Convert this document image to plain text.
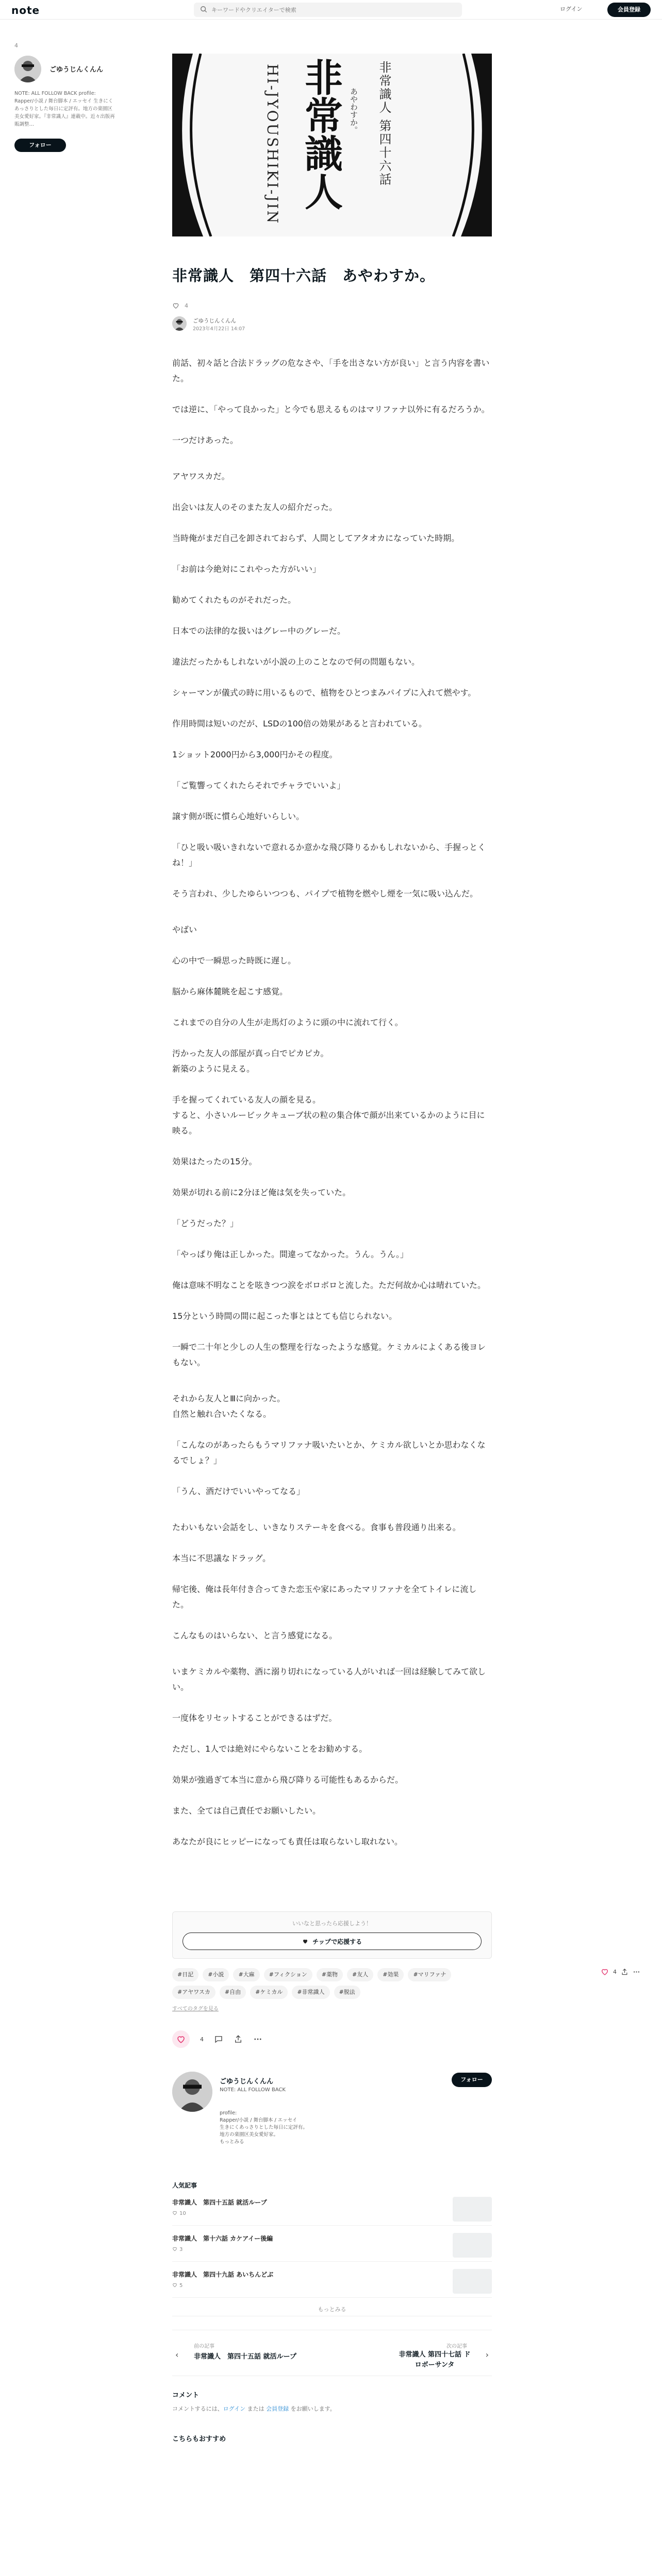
note
キーワードやクリエイターで検索	ログイン	会員登録
4
ごゆうじんくんん
NOTE: ALL FOLLOW BACK profile: Rapper/小説 / 舞台脚本 / エッセイ 生きにくあっさりとした毎日に定評有。地方の楽園区美女愛好家。『非常識人』連載中。近々出版再販調整…
フォロー	非常識人	非常識人 第四十六話
あやわすか。
HI-JYOUSHIKI-JIN
非常識人　第四十六話　あやわすか。
4
ごゆうじんくんん
2023年4月22日 14:07

前話、初々話と合法ドラッグの危なさや、「手を出さない方が良い」と言う内容を書いた。

では逆に、「やって良かった」と今でも思えるものはマリファナ以外に有るだろうか。

一つだけあった。

アヤワスカだ。

出会いは友人のそのまた友人の紹介だった。

当時俺がまだ自己を卸されておらず、人間としてアタオカになっていた時期。

「お前は今絶対にこれやった方がいい」

勧めてくれたものがそれだった。

日本での法律的な扱いはグレー中のグレーだ。

違法だったかもしれないが小説の上のことなので何の問題もない。

シャーマンが儀式の時に用いるもので、植物をひとつまみパイプに入れて燃やす。

作用時間は短いのだが、LSDの100倍の効果があると言われている。

1ショット2000円から3,000円かその程度。

「ご覧響ってくれたらそれでチャラでいいよ」

譲す側が既に慣ら心地好いらしい。

「ひと吸い吸いきれないで意れるか意かな飛び降りるかもしれないから、手握っとくね！」

そう言われ、少したゆらいつつも、パイプで植物を燃やし煙を一気に吸い込んだ。

やばい

心の中で一瞬思った時既に遅し。

脳から麻体麓眺を起こす感覚。

これまでの自分の人生が走馬灯のように頭の中に流れて行く。

汚かった友人の部屋が真っ白でピカピカ。
新築のように見える。

手を握ってくれている友人の顔を見る。
すると、小さいルービックキューブ状の粒の集合体で顔が出来ているかのように目に映る。

効果はたったの15分。

効果が切れる前に2分ほど俺は気を失っていた。

「どうだった？」

「やっぱり俺は正しかった。間違ってなかった。うん。うん。」

俺は意味不明なことを呟きつつ涙をボロボロと流した。ただ何故か心は晴れていた。

15分という時間の間に起こった事とはとても信じられない。

一瞬で二十年と少しの人生の整理を行なったような感覚。ケミカルによくある後ヨレもない。

それから友人とⅢに向かった。
自然と触れ合いたくなる。

「こんなのがあったらもうマリファナ吸いたいとか、ケミカル欲しいとか思わなくなるでしょ？」

「うん、酒だけでいいやってなる」

たわいもない会話をし、いきなりステーキを食べる。食事も普段通り出来る。

本当に不思議なドラッグ。

帰宅後、俺は長年付き合ってきた恋玉や家にあったマリファナを全てトイレに流した。

こんなものはいらない、と言う感覚になる。

いまケミカルや薬物、酒に溺り切れになっている人がいれば一回は経験してみて欲しい。

一度体をリセットすることができるはずだ。

ただし、1人では絶対にやらないことをお勧めする。

効果が強過ぎて本当に意から飛び降りる可能性もあるからだ。

また、全ては自己責任でお願いしたい。

あなたが良にヒッピーになっても責任は取らないし取れない。

いいなと思ったら応援しよう！
チップで応援する
#日記	#小説	#大麻	#フィクション	#薬物	#友人	#効果	#マリファナ
#アヤワスカ	#自由	#ケミカル	#非常識人	#脱法
すべてのタグを見る
4
ごゆうじんくんん
NOTE: ALL FOLLOW BACK
profile:
Rapper/小説 / 舞台脚本 / エッセイ
生きにくあっさりとした毎日に定評有。
地方の楽園区美女愛好家。
もっとみる
フォロー
人気記事
非常識人　第四十五話 就活ループ
10
非常識人　第十六話 カケアイー後編
3
非常識人　第四十九話 あいちんどぶ
5
もっとみる
‹
前の記事
非常識人　第四十五話 就活ループ
次の記事
非常識人 第四十七話 ドロボーサンタ
›
コメント
コメントするには、ログイン または 会員登録 をお願いします。
こちらもおすすめ
4
